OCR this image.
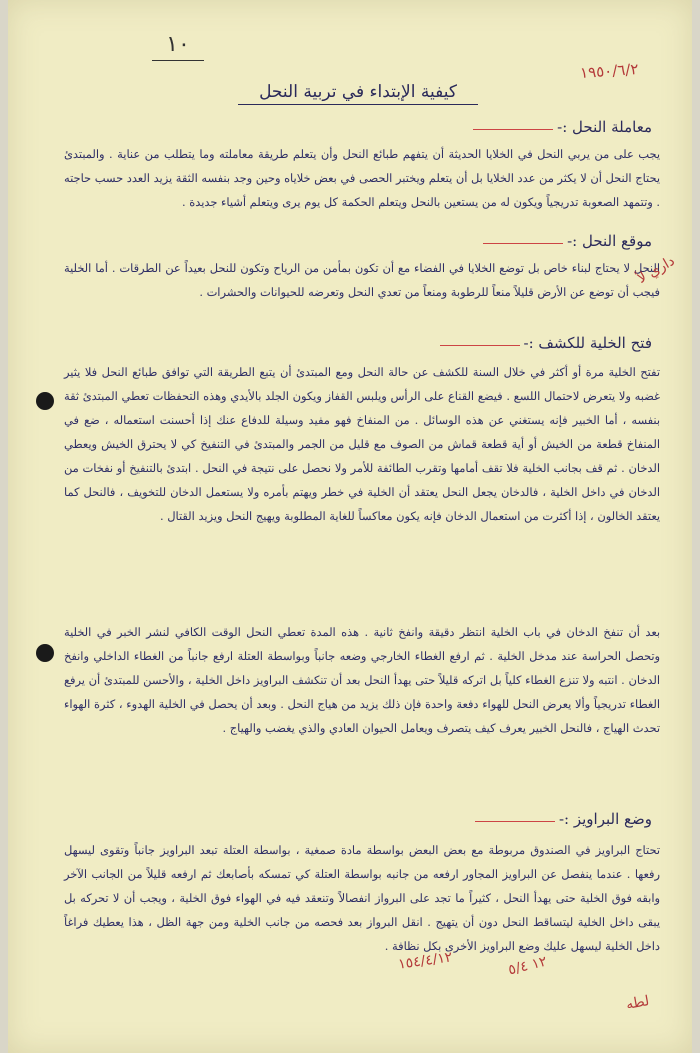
١٠
١٩٥٠/٦/٢
كيفية الإبتداء في تربية النحل
معاملة النحل :-
يجب على من يربي النحل في الخلايا الحديثة أن يتفهم طبائع النحل وأن يتعلم طريقة معاملته وما يتطلب من عناية . والمبتدئ يحتاج النحل أن لا يكثر من عدد الخلايا بل أن يتعلم ويختبر الحصى في بعض خلاياه وحين وجد بنفسه الثقة يزيد العدد حسب حاجته . وتتمهد الصعوبة تدريجياً ويكون له من يستعين بالنحل ويتعلم الحكمة كل يوم يرى ويتعلم أشياء جديدة .
موقع النحل :-
النحل لا يحتاج لبناء خاص بل توضع الخلايا في الفضاء مع أن تكون بمأمن من الرياح وتكون للنحل بعيداً عن الطرقات . أما الخلية فيجب أن توضع عن الأرض قليلاً منعاً للرطوبة ومنعاً من تعدي النحل وتعرضه للحيوانات والحشرات .
داري لأ
فتح الخلية للكشف :-
تفتح الخلية مرة أو أكثر في خلال السنة للكشف عن حالة النحل ومع المبتدئ أن يتبع الطريقة التي توافق طبائع النحل فلا يثير غضبه ولا يتعرض لاحتمال اللسع . فيضع القناع على الرأس ويلبس القفاز ويكون الجلد بالأيدي وهذه التحفظات تعطي المبتدئ ثقة بنفسه ، أما الخبير فإنه يستغني عن هذه الوسائل . من المنفاخ فهو مفيد وسيلة للدفاع عنك إذا أحسنت استعماله ، ضع في المنفاخ قطعة من الخيش أو أية قطعة قماش من الصوف مع قليل من الجمر والمبتدئ في التنفيخ كي لا يحترق الخيش ويعطي الدخان . ثم قف بجانب الخلية فلا تقف أمامها وتقرب الطائفة للأمر ولا نحصل على نتيجة في النحل . ابتدئ بالتنفيخ أو نفخات من الدخان في داخل الخلية ، فالدخان يجعل النحل يعتقد أن الخلية في خطر ويهتم بأمره ولا يستعمل الدخان للتخويف ، فالنحل كما يعتقد الخالون ، إذا أكثرت من استعمال الدخان فإنه يكون معاكساً للغاية المطلوبة ويهيج النحل ويزيد القتال .
بعد أن تنفخ الدخان في باب الخلية انتظر دقيقة وانفخ ثانية . هذه المدة تعطي النحل الوقت الكافي لنشر الخبر في الخلية وتحصل الحراسة عند مدخل الخلية . ثم ارفع الغطاء الخارجي وضعه جانباً وبواسطة العتلة ارفع جانباً من الغطاء الداخلي وانفخ الدخان . انتبه ولا تنزع الغطاء كلياً بل اتركه قليلاً حتى يهدأ النحل بعد أن تنكشف البراويز داخل الخلية ، والأحسن للمبتدئ أن يرفع الغطاء تدريجياً وألا يعرض النحل للهواء دفعة واحدة فإن ذلك يزيد من هياج النحل . وبعد أن يحصل في الخلية الهدوء ، كثرة الهواء تحدث الهياج ، فالنحل الخبير يعرف كيف يتصرف ويعامل الحيوان العادي والذي يغضب والهياج .
وضع البراويز :-
تحتاج البراويز في الصندوق مربوطة مع بعض البعض بواسطة مادة صمغية ، بواسطة العتلة تبعد البراويز جانباً وتقوى ليسهل رفعها . عندما ينفصل عن البراويز المجاور ارفعه من جانبه بواسطة العتلة كي تمسكه بأصابعك ثم ارفعه قليلاً من الجانب الآخر وابقه فوق الخلية حتى يهدأ النحل ، كثيراً ما تجد على البرواز انفصالاً وتنعقد فيه في الهواء فوق الخلية ، ويجب أن لا تحركه بل يبقى داخل الخلية ليتساقط النحل دون أن يتهيج . انقل البرواز بعد فحصه من جانب الخلية ومن جهة الظل ، هذا يعطيك فراغاً داخل الخلية ليسهل عليك وضع البراويز الأخرى بكل نظافة .
١٥٤/٤/١٢	١٢ ٥/٤
لطه
